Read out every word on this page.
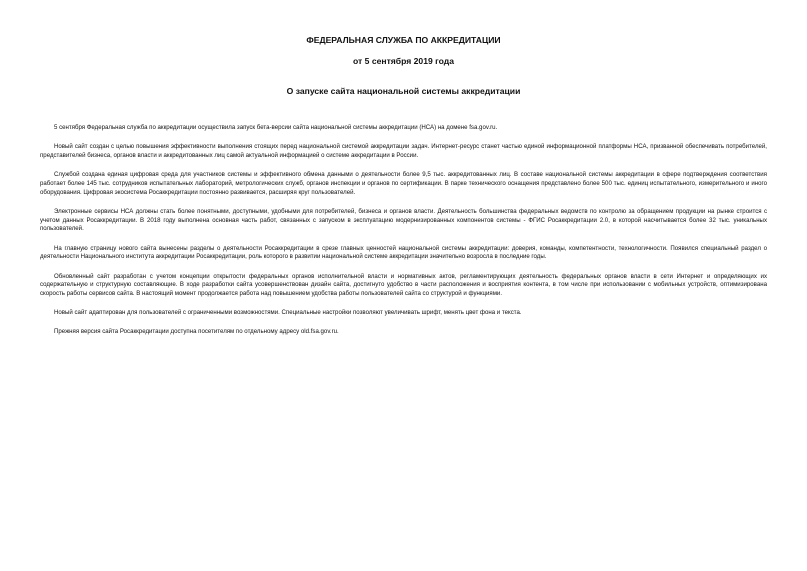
ФЕДЕРАЛЬНАЯ СЛУЖБА ПО АККРЕДИТАЦИИ
от 5 сентября 2019 года
О запуске сайта национальной системы аккредитации

5 сентября Федеральная служба по аккредитации осуществила запуск бета-версии сайта национальной системы аккредитации (НСА) на домене fsa.gov.ru.

Новый сайт создан с целью повышения эффективности выполнения стоящих перед национальной системой аккредитации задач. Интернет-ресурс станет частью единой информационной платформы НСА, призванной обеспечивать потребителей, представителей бизнеса, органов власти и аккредитованных лиц самой актуальной информацией о системе аккредитации в России.

Службой создана единая цифровая среда для участников системы и эффективного обмена данными о деятельности более 9,5 тыс. аккредитованных лиц. В составе национальной системы аккредитации в сфере подтверждения соответствия работает более 145 тыс. сотрудников испытательных лабораторий, метрологических служб, органов инспекции и органов по сертификации. В парке технического оснащения представлено более 500 тыс. единиц испытательного, измерительного и иного оборудования. Цифровая экосистема Росаккредитации постоянно развивается, расширяя круг пользователей.

Электронные сервисы НСА должны стать более понятными, доступными, удобными для потребителей, бизнеса и органов власти. Деятельность большинства федеральных ведомств по контролю за обращением продукции на рынке строится с учетом данных Росаккредитации. В 2018 году выполнена основная часть работ, связанных с запуском в эксплуатацию модернизированных компонентов системы - ФГИС Росаккредитации 2.0, в которой насчитывается более 32 тыс. уникальных пользователей.

На главную страницу нового сайта вынесены разделы о деятельности Росаккредитации в срезе главных ценностей национальной системы аккредитации: доверия, команды, компетентности, технологичности. Появился специальный раздел о деятельности Национального института аккредитации Росаккредитации, роль которого в развитии национальной системе аккредитации значительно возросла в последние годы.

Обновленный сайт разработан с учетом концепции открытости федеральных органов исполнительной власти и нормативных актов, регламентирующих деятельность федеральных органов власти в сети Интернет и определяющих их содержательную и структурную составляющие. В ходе разработки сайта усовершенствован дизайн сайта, достигнуто удобство в части расположения и восприятия контента, в том числе при использовании с мобильных устройств, оптимизирована скорость работы сервисов сайта. В настоящий момент продолжается работа над повышением удобства работы пользователей сайта со структурой и функциями.

Новый сайт адаптирован для пользователей с ограниченными возможностями. Специальные настройки позволяют увеличивать шрифт, менять цвет фона и текста.

Прежняя версия сайта Росаккредитации доступна посетителям по отдельному адресу old.fsa.gov.ru.
